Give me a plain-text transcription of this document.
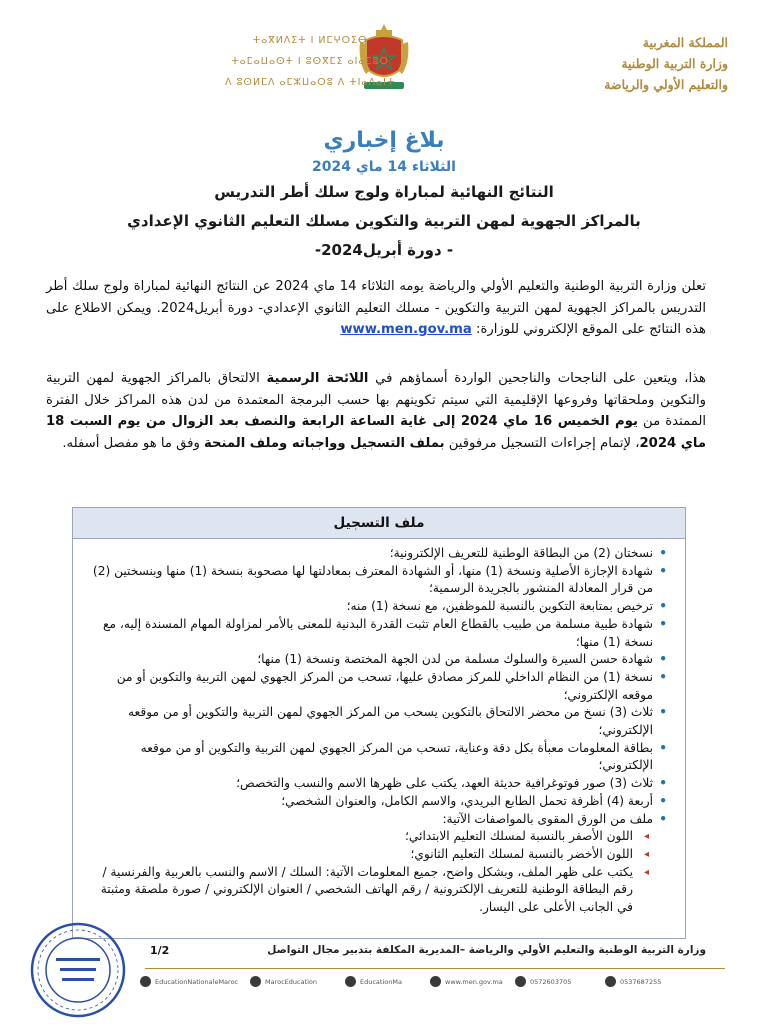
المملكة المغربية
وزارة التربية الوطنية
والتعليم الأولي والرياضة
ⵜⴰⴳⵍⴷⵉⵜ ⵏ ⵍⵎⵖⵔⵉⴱ
ⵜⴰⵎⴰⵡⴰⵙⵜ ⵏ ⵓⵙⴳⵎⵉ ⴰⵏⴰⵎⵓⵔ
ⴷ ⵓⵙⵍⵎⴷ ⴰⵎⵣⵡⴰⵔⵓ ⴷ ⵜⵏⴰⴷⴰⵏⵜ
بلاغ إخباري
الثلاثاء 14 ماي 2024
النتائج النهائية لمباراة ولوج سلك أطر التدريس
بالمراكز الجهوية لمهن التربية والتكوين مسلك التعليم الثانوي الإعدادي
- دورة أبريل2024-
تعلن وزارة التربية الوطنية والتعليم الأولي والرياضة يومه الثلاثاء 14 ماي 2024 عن النتائج النهائية لمباراة ولوج سلك أطر التدريس بالمراكز الجهوية لمهن التربية والتكوين - مسلك التعليم الثانوي الإعدادي- دورة أبريل2024. ويمكن الاطلاع على هذه النتائج على الموقع الإلكتروني للوزارة: www.men.gov.ma
هذا، ويتعين على الناجحات والناجحين الواردة أسماؤهم في اللائحة الرسمية الالتحاق بالمراكز الجهوية لمهن التربية والتكوين وملحقاتها وفروعها الإقليمية التي سيتم تكوينهم بها حسب البرمجة المعتمدة من لدن هذه المراكز خلال الفترة الممتدة من يوم الخميس 16 ماي 2024 إلى غاية الساعة الرابعة والنصف بعد الزوال من يوم السبت 18 ماي 2024، لإتمام إجراءات التسجيل مرفوقين بملف التسجيل وواجباته وملف المنحة وفق ما هو مفصل أسفله.
ملف التسجيل
• نسختان (2) من البطاقة الوطنية للتعريف الإلكترونية؛
• شهادة الإجازة الأصلية ونسخة (1) منها، أو الشهادة المعترف بمعادلتها لها مصحوبة بنسخة (1) منها وبنسختين (2) من قرار المعادلة المنشور بالجريدة الرسمية؛
• ترخيص بمتابعة التكوين بالنسبة للموظفين، مع نسخة (1) منه؛
• شهادة طبية مسلمة من طبيب بالقطاع العام تثبت القدرة البدنية للمعنى بالأمر لمزاولة المهام المسندة إليه، مع نسخة (1) منها؛
• شهادة حسن السيرة والسلوك مسلمة من لدن الجهة المختصة ونسخة (1) منها؛
• نسخة (1) من النظام الداخلي للمركز مصادق عليها، تسحب من المركز الجهوي لمهن التربية والتكوين أو من موقعه الإلكتروني؛
• ثلاث (3) نسخ من محضر الالتحاق بالتكوين يسحب من المركز الجهوي لمهن التربية والتكوين أو من موقعه الإلكتروني؛
• بطاقة المعلومات معبأة بكل دقة وعناية، تسحب من المركز الجهوي لمهن التربية والتكوين أو من موقعه الإلكتروني؛
• ثلاث (3) صور فوتوغرافية حديثة العهد، يكتب على ظهرها الاسم والنسب والتخصص؛
• أربعة (4) أظرفة تحمل الطابع البريدي، والاسم الكامل، والعنوان الشخصي؛
• ملف من الورق المقوى بالمواصفات الآتية:
◂ اللون الأصفر بالنسبة لمسلك التعليم الابتدائي؛
◂ اللون الأخضر بالنسبة لمسلك التعليم الثانوي؛
◂ يكتب على ظهر الملف، وبشكل واضح، جميع المعلومات الآتية: السلك / الاسم والنسب بالعربية والفرنسية / رقم البطاقة الوطنية للتعريف الإلكترونية / رقم الهاتف الشخصي / العنوان الإلكتروني / صورة ملصقة ومثبتة في الجانب الأعلى على اليسار.
وزارة التربية الوطنية والتعليم الأولي والرياضة –المديرية المكلفة بتدبير مجال التواصل
1/2
EducationNationaleMaroc	MarocEducation	EducationMa	www.men.gov.ma	0572603705	0537687255
